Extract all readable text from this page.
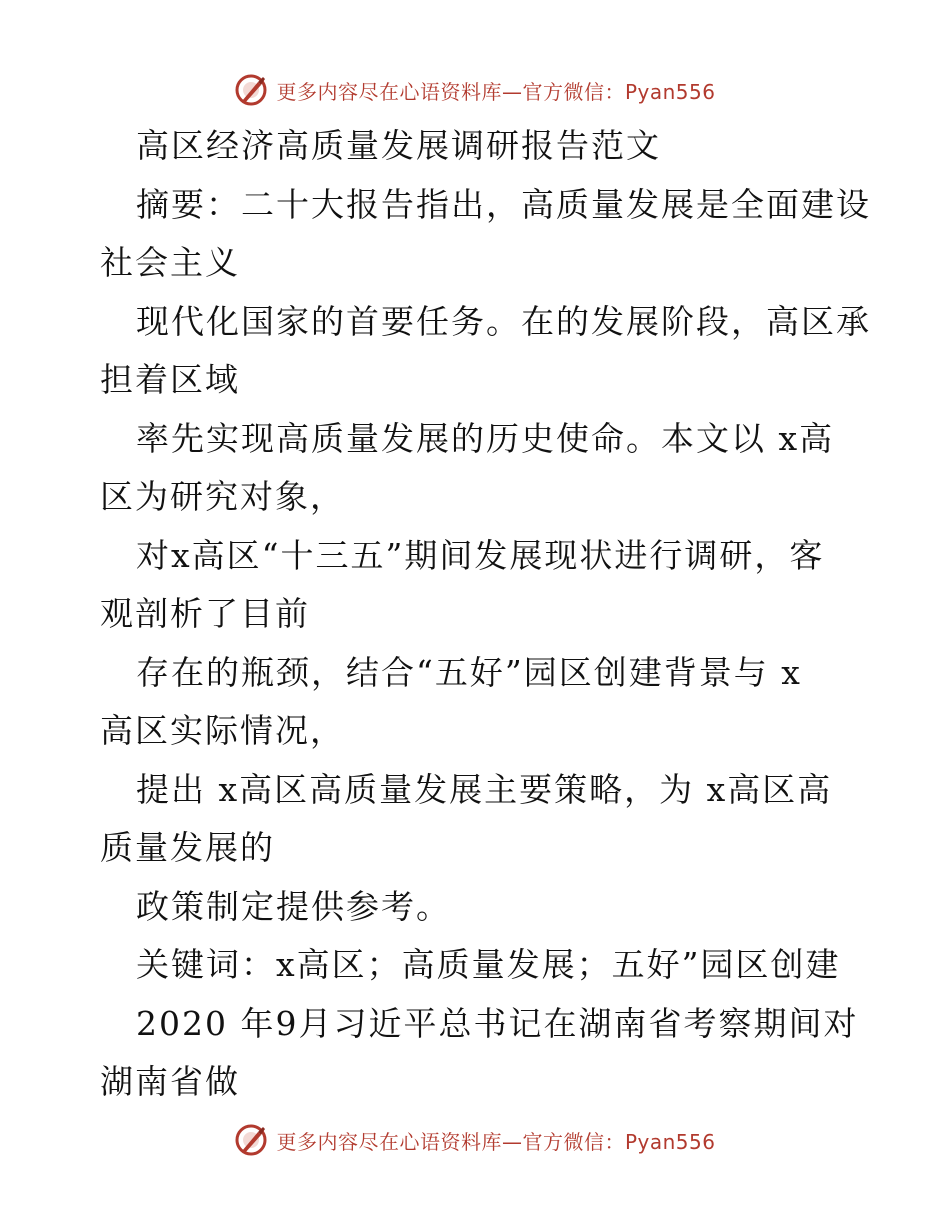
更多内容尽在心语资料库—官方微信：Pyan556
高区经济高质量发展调研报告范文
摘要：二十大报告指出，高质量发展是全面建设
社会主义
现代化国家的首要任务。在的发展阶段，高区承
担着区域
率先实现高质量发展的历史使命。本文以 x高
区为研究对象，
对x高区“十三五”期间发展现状进行调研，客
观剖析了目前
存在的瓶颈，结合“五好”园区创建背景与 x
高区实际情况，
提出 x高区高质量发展主要策略，为 x高区高
质量发展的
政策制定提供参考。
关键词：x高区；高质量发展；五好”园区创建
2020 年9月习近平总书记在湖南省考察期间对
湖南省做
更多内容尽在心语资料库—官方微信：Pyan556
